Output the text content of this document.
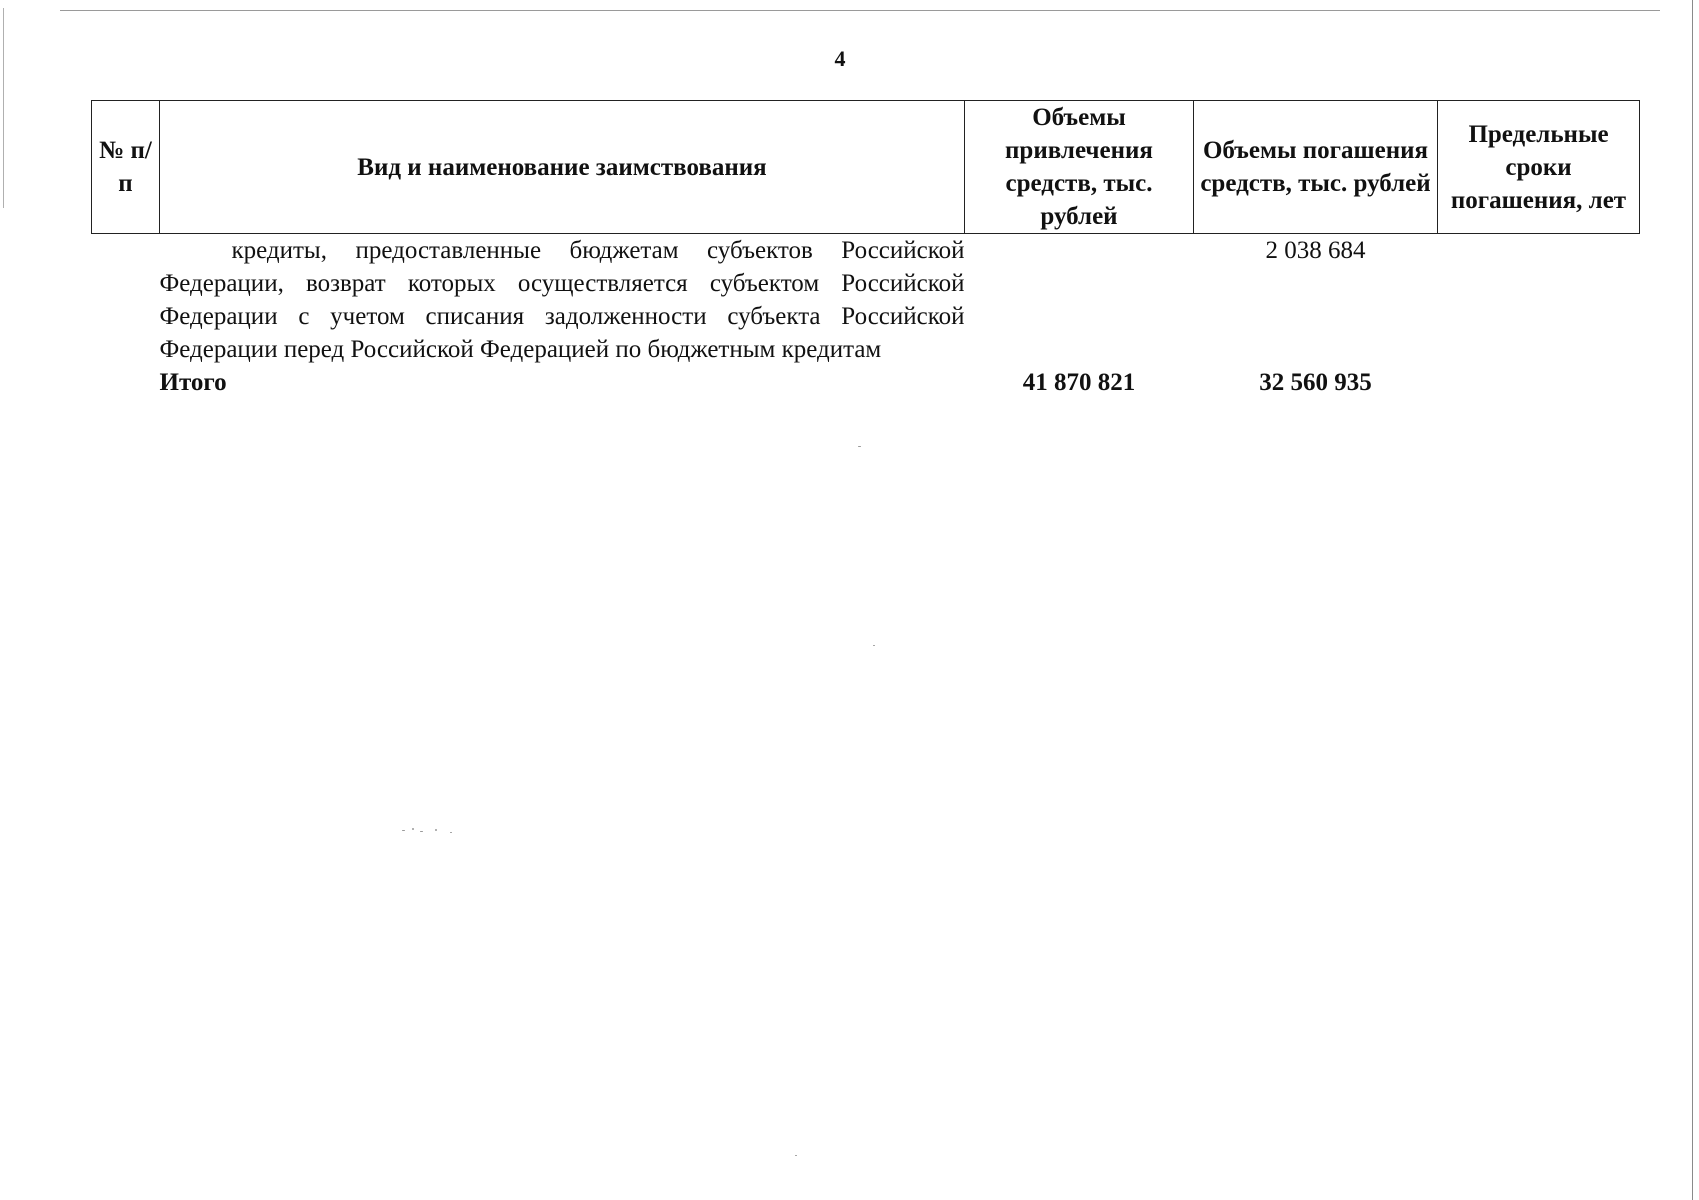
4
№ п/п	Вид и наименование заимствования	Объемы привлечения средств, тыс. рублей	Объемы погашения средств, тыс. рублей	Предельные сроки погашения, лет
	кредиты, предоставленные бюджетам субъектов Российской Федерации, возврат которых осуществляется субъектом Российской Федерации с учетом списания задолженности субъекта Российской Федерации перед Российской Федерацией по бюджетным кредитам		2 038 684	
	Итого	41 870 821	32 560 935	
